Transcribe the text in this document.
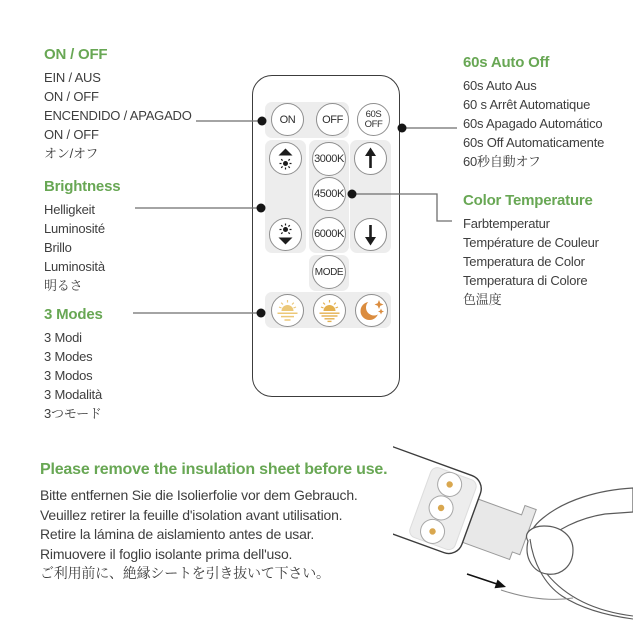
ON / OFF
EIN / AUS
ON / OFF
ENCENDIDO / APAGADO
ON / OFF
オン/オフ
Brightness
Helligkeit
Luminosité
Brillo
Luminosità
明るさ
3 Modes
3 Modi
3 Modes
3 Modos
3 Modalità
3つモード
60s Auto Off
60s Auto Aus
60 s Arrêt Automatique
60s Apagado Automático
60s Off Automaticamente
60秒自動オフ
Color Temperature
Farbtemperatur
Température de Couleur
Temperatura de Color
Temperatura di Colore
色温度
ON OFF 60S
OFF
3000K
4500K
6000K
MODE
Please remove the insulation sheet before use.
Bitte entfernen Sie die Isolierfolie vor dem Gebrauch.
Veuillez retirer la feuille d'isolation avant utilisation.
Retire la lámina de aislamiento antes de usar.
Rimuovere il foglio isolante prima dell'uso.
ご利用前に、絶縁シートを引き抜いて下さい。
